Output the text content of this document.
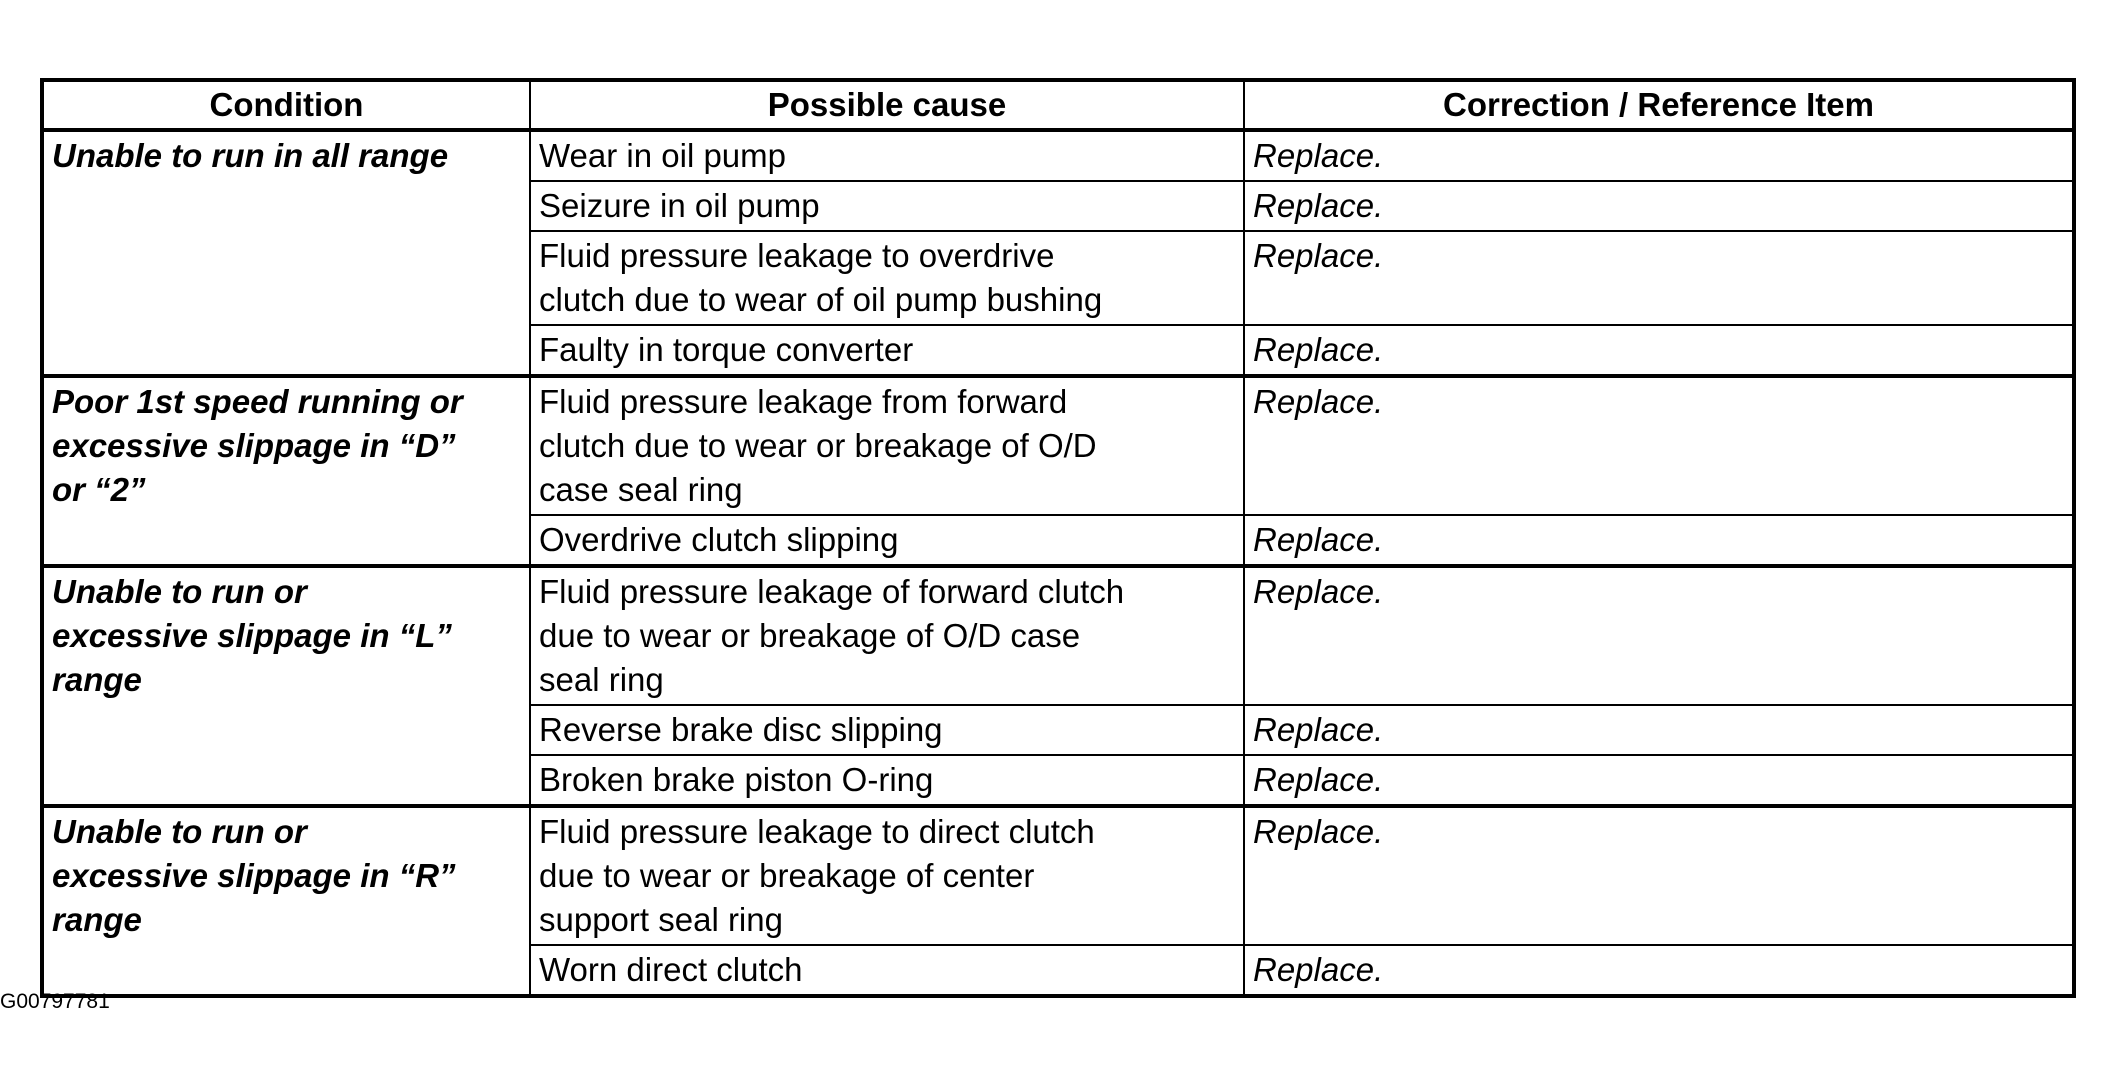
Condition	Possible cause	Correction / Reference Item
Unable to run in all range	Wear in oil pump	Replace.
	Seizure in oil pump	Replace.
	Fluid pressure leakage to overdrive
clutch due to wear of oil pump bushing	Replace.
	Faulty in torque converter	Replace.
Poor 1st speed running or
excessive slippage in “D”
or “2”	Fluid pressure leakage from forward
clutch due to wear or breakage of O/D
case seal ring	Replace.
	Overdrive clutch slipping	Replace.
Unable to run or
excessive slippage in “L”
range	Fluid pressure leakage of forward clutch
due to wear or breakage of O/D case
seal ring	Replace.
	Reverse brake disc slipping	Replace.
	Broken brake piston O-ring	Replace.
Unable to run or
excessive slippage in “R”
range	Fluid pressure leakage to direct clutch
due to wear or breakage of center
support seal ring	Replace.
	Worn direct clutch	Replace.
G00797781
